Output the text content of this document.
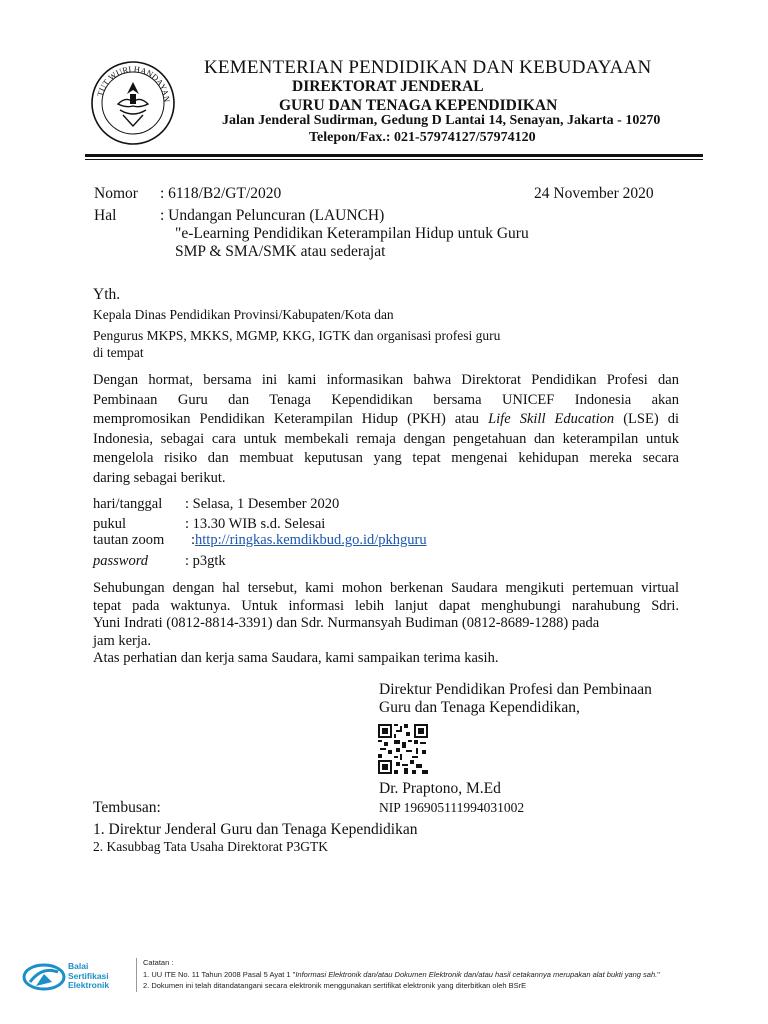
TUT WURI HANDAYAN
KEMENTERIAN PENDIDIKAN DAN KEBUDAYAAN
DIREKTORAT JENDERAL
GURU DAN TENAGA KEPENDIDIKAN
Jalan Jenderal Sudirman, Gedung D Lantai 14, Senayan, Jakarta - 10270
Telepon/Fax.: 021-57974127/57974120
Nomor : 6118/B2/GT/2020	24 November 2020
Hal	: Undangan Peluncuran (LAUNCH)
"e-Learning Pendidikan Keterampilan Hidup untuk Guru
SMP & SMA/SMK atau sederajat
Yth.
Kepala Dinas Pendidikan Provinsi/Kabupaten/Kota dan
Pengurus MKPS, MKKS, MGMP, KKG, IGTK dan organisasi profesi guru
di tempat
Dengan hormat, bersama ini kami informasikan bahwa Direktorat Pendidikan Profesi dan
Pembinaan Guru dan Tenaga Kependidikan bersama UNICEF Indonesia akan
mempromosikan Pendidikan Keterampilan Hidup (PKH) atau Life Skill Education (LSE) di
Indonesia, sebagai cara untuk membekali remaja dengan pengetahuan dan keterampilan untuk
mengelola risiko dan membuat keputusan yang tepat mengenai kehidupan mereka secara
daring sebagai berikut.
hari/tanggal : Selasa, 1 Desember 2020
pukul	: 13.30 WIB s.d. Selesai
tautan zoom :http://ringkas.kemdikbud.go.id/pkhguru
password	: p3gtk
Sehubungan dengan hal tersebut, kami mohon berkenan Saudara mengikuti pertemuan virtual
tepat pada waktunya. Untuk informasi lebih lanjut dapat menghubungi narahubung Sdri.
Yuni Indrati (0812-8814-3391) dan Sdr. Nurmansyah Budiman (0812-8689-1288) pada
jam kerja.
Atas perhatian dan kerja sama Saudara, kami sampaikan terima kasih.
Direktur Pendidikan Profesi dan Pembinaan
Guru dan Tenaga Kependidikan,
Dr. Praptono, M.Ed
NIP 196905111994031002
Tembusan:
1. Direktur Jenderal Guru dan Tenaga Kependidikan
2. Kasubbag Tata Usaha Direktorat P3GTK
Balai
Sertifikasi
Elektronik
Catatan :
1. UU ITE No. 11 Tahun 2008 Pasal 5 Ayat 1 "Informasi Elektronik dan/atau Dokumen Elektronik dan/atau hasil cetakannya merupakan alat bukti yang sah."
2. Dokumen ini telah ditandatangani secara elektronik menggunakan sertifikat elektronik yang diterbitkan oleh BSrE
